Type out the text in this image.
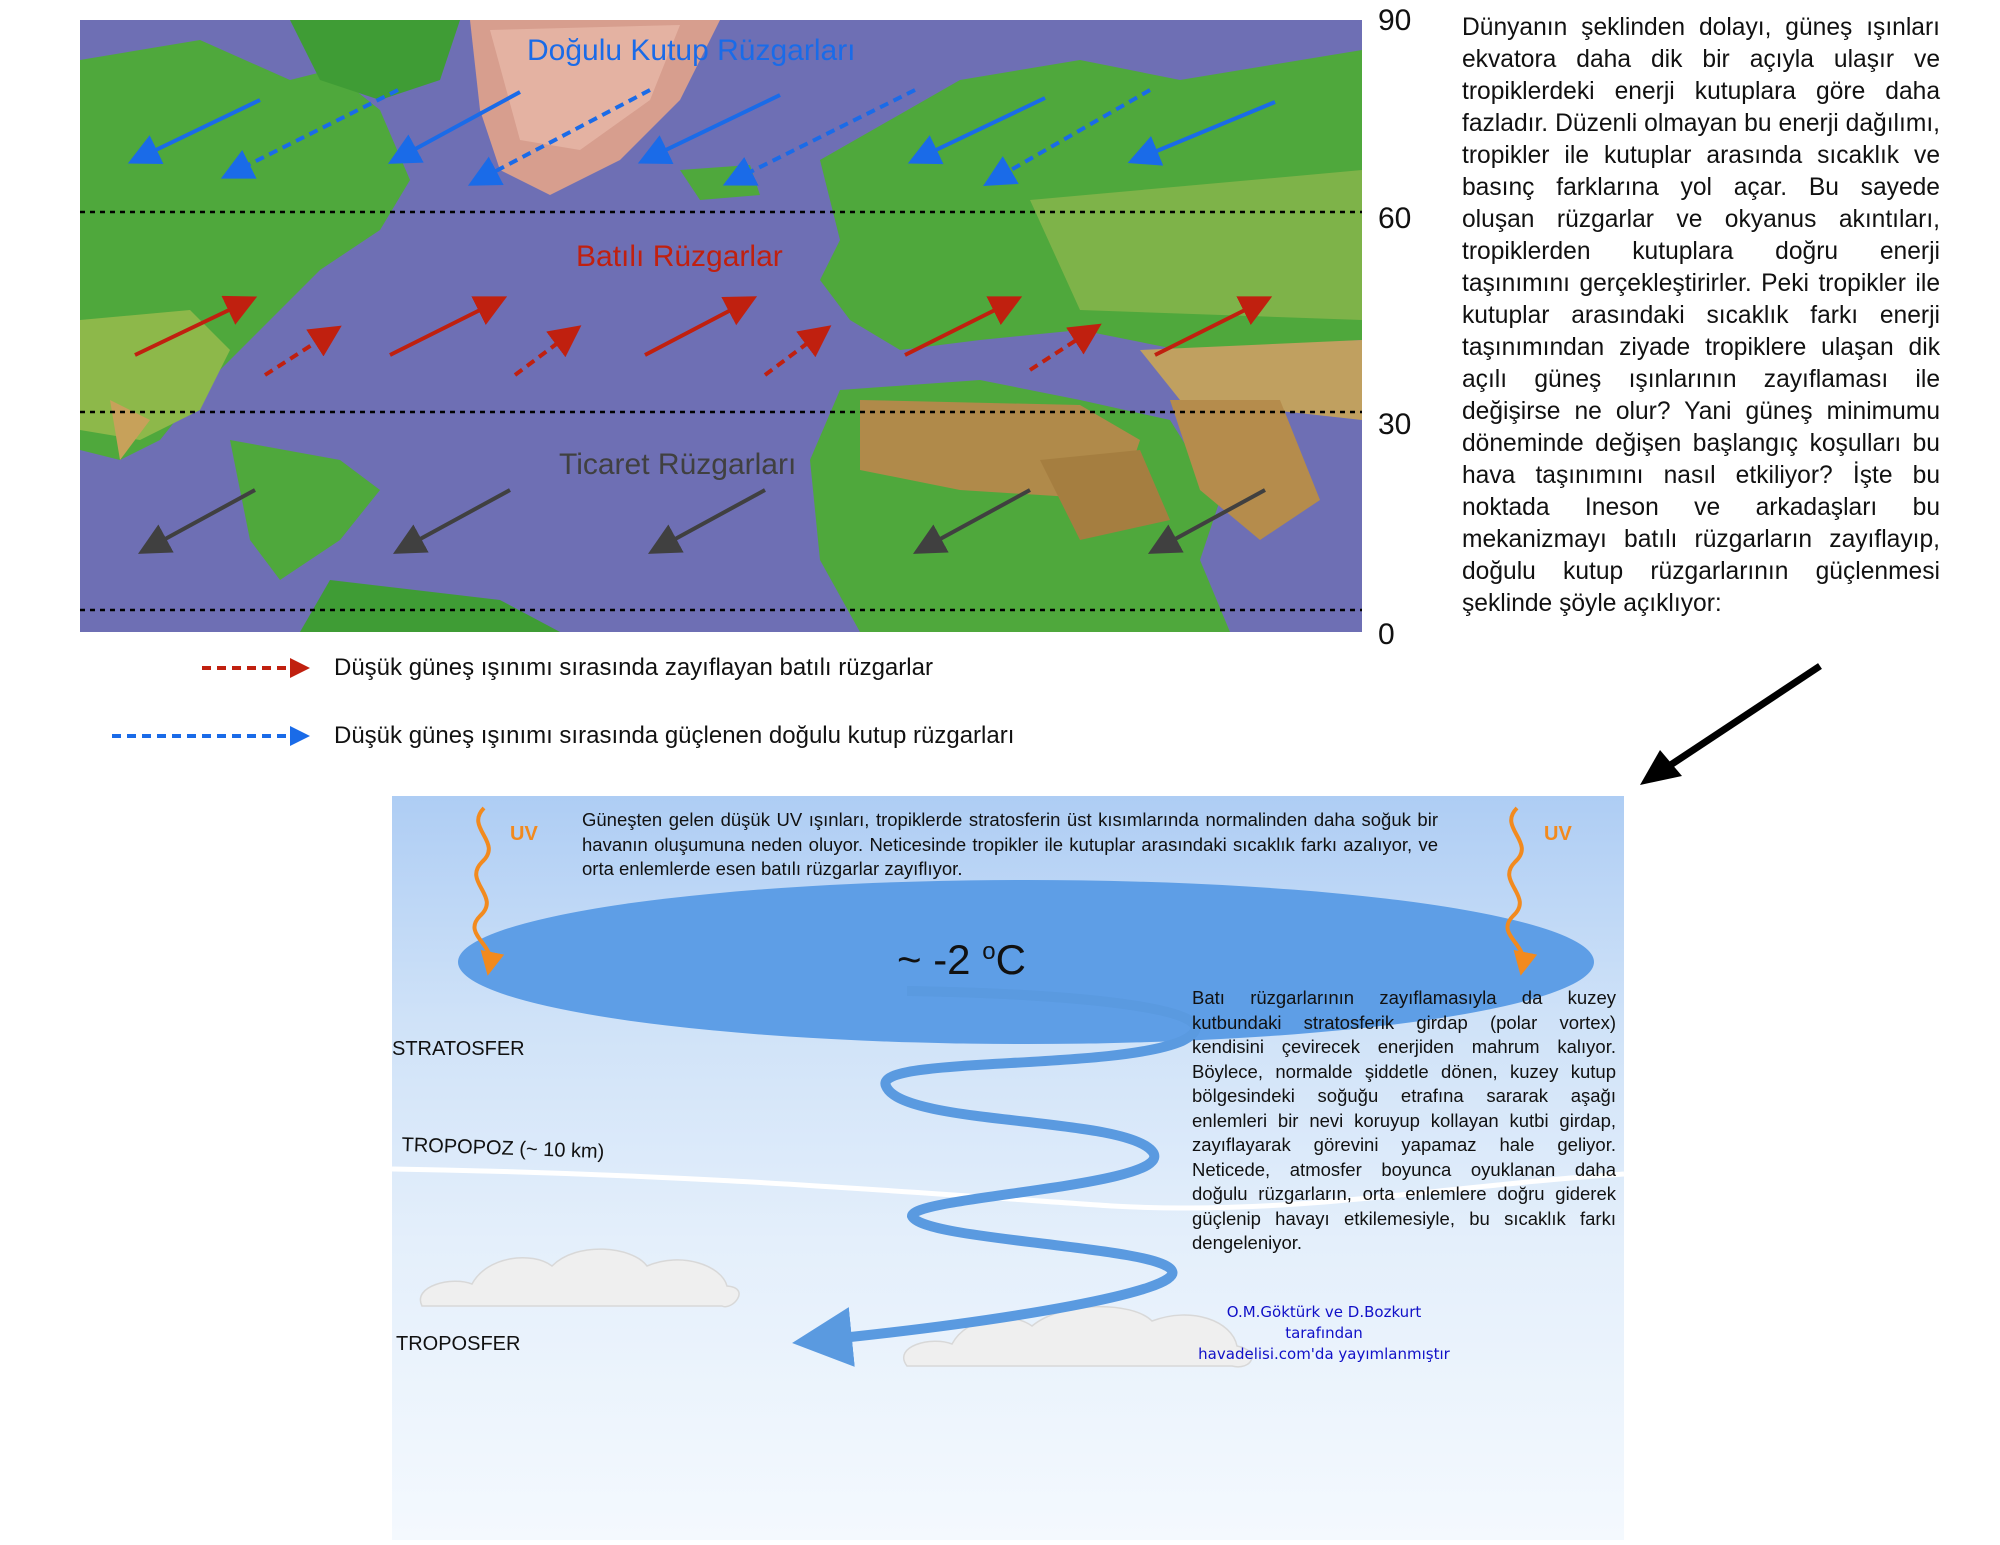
Doğulu Kutup Rüzgarları
Batılı Rüzgarlar
Ticaret Rüzgarları
90
60
30
0
Dünyanın şeklinden dolayı, güneş ışınları ekvatora daha dik bir açıyla ulaşır ve tropiklerdeki enerji kutuplara göre daha fazladır. Düzenli olmayan bu enerji dağılımı, tropikler ile kutuplar arasında sıcaklık ve basınç farklarına yol açar. Bu sayede oluşan rüzgarlar ve okyanus akıntıları, tropiklerden kutuplara doğru enerji taşınımını gerçekleştirirler. Peki tropikler ile kutuplar arasındaki sıcaklık farkı enerji taşınımından ziyade tropiklere ulaşan dik açılı güneş ışınlarının zayıflaması ile değişirse ne olur? Yani güneş minimumu döneminde değişen başlangıç koşulları bu hava taşınımını nasıl etkiliyor? İşte bu noktada Ineson ve arkadaşları bu mekanizmayı batılı rüzgarların zayıflayıp, doğulu kutup rüzgarlarının güçlenmesi şeklinde şöyle açıklıyor:
Düşük güneş ışınımı sırasında zayıflayan batılı rüzgarlar
Düşük güneş ışınımı sırasında güçlenen doğulu kutup rüzgarları
UV	UV
Güneşten gelen düşük UV ışınları, tropiklerde stratosferin üst kısımlarında normalinden daha soğuk bir havanın oluşumuna neden oluyor. Neticesinde tropikler ile kutuplar arasındaki sıcaklık farkı azalıyor, ve orta enlemlerde esen batılı rüzgarlar zayıflıyor.
~ -2 $^o$C
STRATOSFER
TROPOPOZ (~ 10 km)
TROPOSFER
Batı rüzgarlarının zayıflamasıyla da kuzey kutbundaki stratosferik girdap (polar vortex) kendisini çevirecek enerjiden mahrum kalıyor. Böylece, normalde şiddetle dönen, kuzey kutup bölgesindeki soğuğu etrafına sararak aşağı enlemleri bir nevi koruyup kollayan kutbi girdap, zayıflayarak görevini yapamaz hale geliyor. Neticede, atmosfer boyunca oyuklanan daha doğulu rüzgarların, orta enlemlere doğru giderek güçlenip havayı etkilemesiyle, bu sıcaklık farkı dengeleniyor.
O.M.Göktürk ve D.Bozkurt
tarafından
havadelisi.com'da yayımlanmıştır
